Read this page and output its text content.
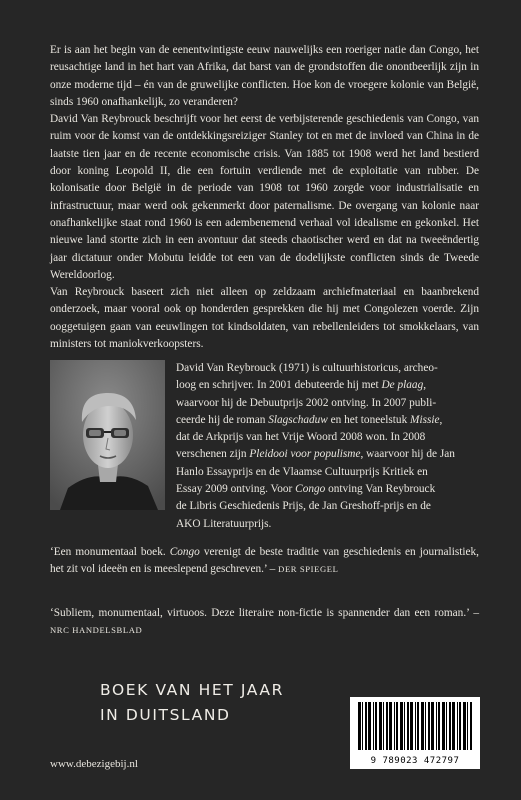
Er is aan het begin van de eenentwintigste eeuw nauwelijks een roeriger natie dan Congo, het reusachtige land in het hart van Afrika, dat barst van de grondstoffen die onontbeerlijk zijn in onze moderne tijd – én van de gruwelijke conflicten. Hoe kon de vroegere kolonie van België, sinds 1960 onafhankelijk, zo veranderen?

David Van Reybrouck beschrijft voor het eerst de verbijsterende geschiedenis van Congo, van ruim voor de komst van de ontdekkingsreiziger Stanley tot en met de invloed van China in de laatste tien jaar en de recente economische crisis. Van 1885 tot 1908 werd het land bestierd door koning Leopold II, die een fortuin verdiende met de exploitatie van rubber. De kolonisatie door België in de periode van 1908 tot 1960 zorgde voor industrialisatie en infrastructuur, maar werd ook gekenmerkt door paternalisme. De overgang van kolonie naar onafhankelijke staat rond 1960 is een adembenemend verhaal vol idealisme en gekonkel. Het nieuwe land stortte zich in een avontuur dat steeds chaotischer werd en dat na tweeëndertig jaar dictatuur onder Mobutu leidde tot een van de dodelijkste conflicten sinds de Tweede Wereldoorlog.

Van Reybrouck baseert zich niet alleen op zeldzaam archiefmateriaal en baanbrekend onderzoek, maar vooral ook op honderden gesprekken die hij met Congolezen voerde. Zijn ooggetuigen gaan van eeuwlingen tot kindsoldaten, van rebellenleiders tot smokkelaars, van ministers tot maniokverkoopsters.

David Van Reybrouck (1971) is cultuurhistoricus, archeo-
loog en schrijver. In 2001 debuteerde hij met De plaag,
waarvoor hij de Debuutprijs 2002 ontving. In 2007 publi-
ceerde hij de roman Slagschaduw en het toneelstuk Missie,
dat de Arkprijs van het Vrije Woord 2008 won. In 2008
verschenen zijn Pleidooi voor populisme, waarvoor hij de Jan
Hanlo Essayprijs en de Vlaamse Cultuurprijs Kritiek en
Essay 2009 ontving. Voor Congo ontving Van Reybrouck
de Libris Geschiedenis Prijs, de Jan Greshoff-prijs en de
AKO Literatuurprijs.
‘Een monumentaal boek. Congo verenigt de beste traditie van geschiedenis en journalistiek, het zit vol ideeën en is meeslepend geschreven.’ – DER SPIEGEL
‘Subliem, monumentaal, virtuoos. Deze literaire non-fictie is spannender dan een roman.’ – NRC HANDELSBLAD
BOEK VAN HET JAAR
IN DUITSLAND
www.debezigebij.nl	9 789023 472797
